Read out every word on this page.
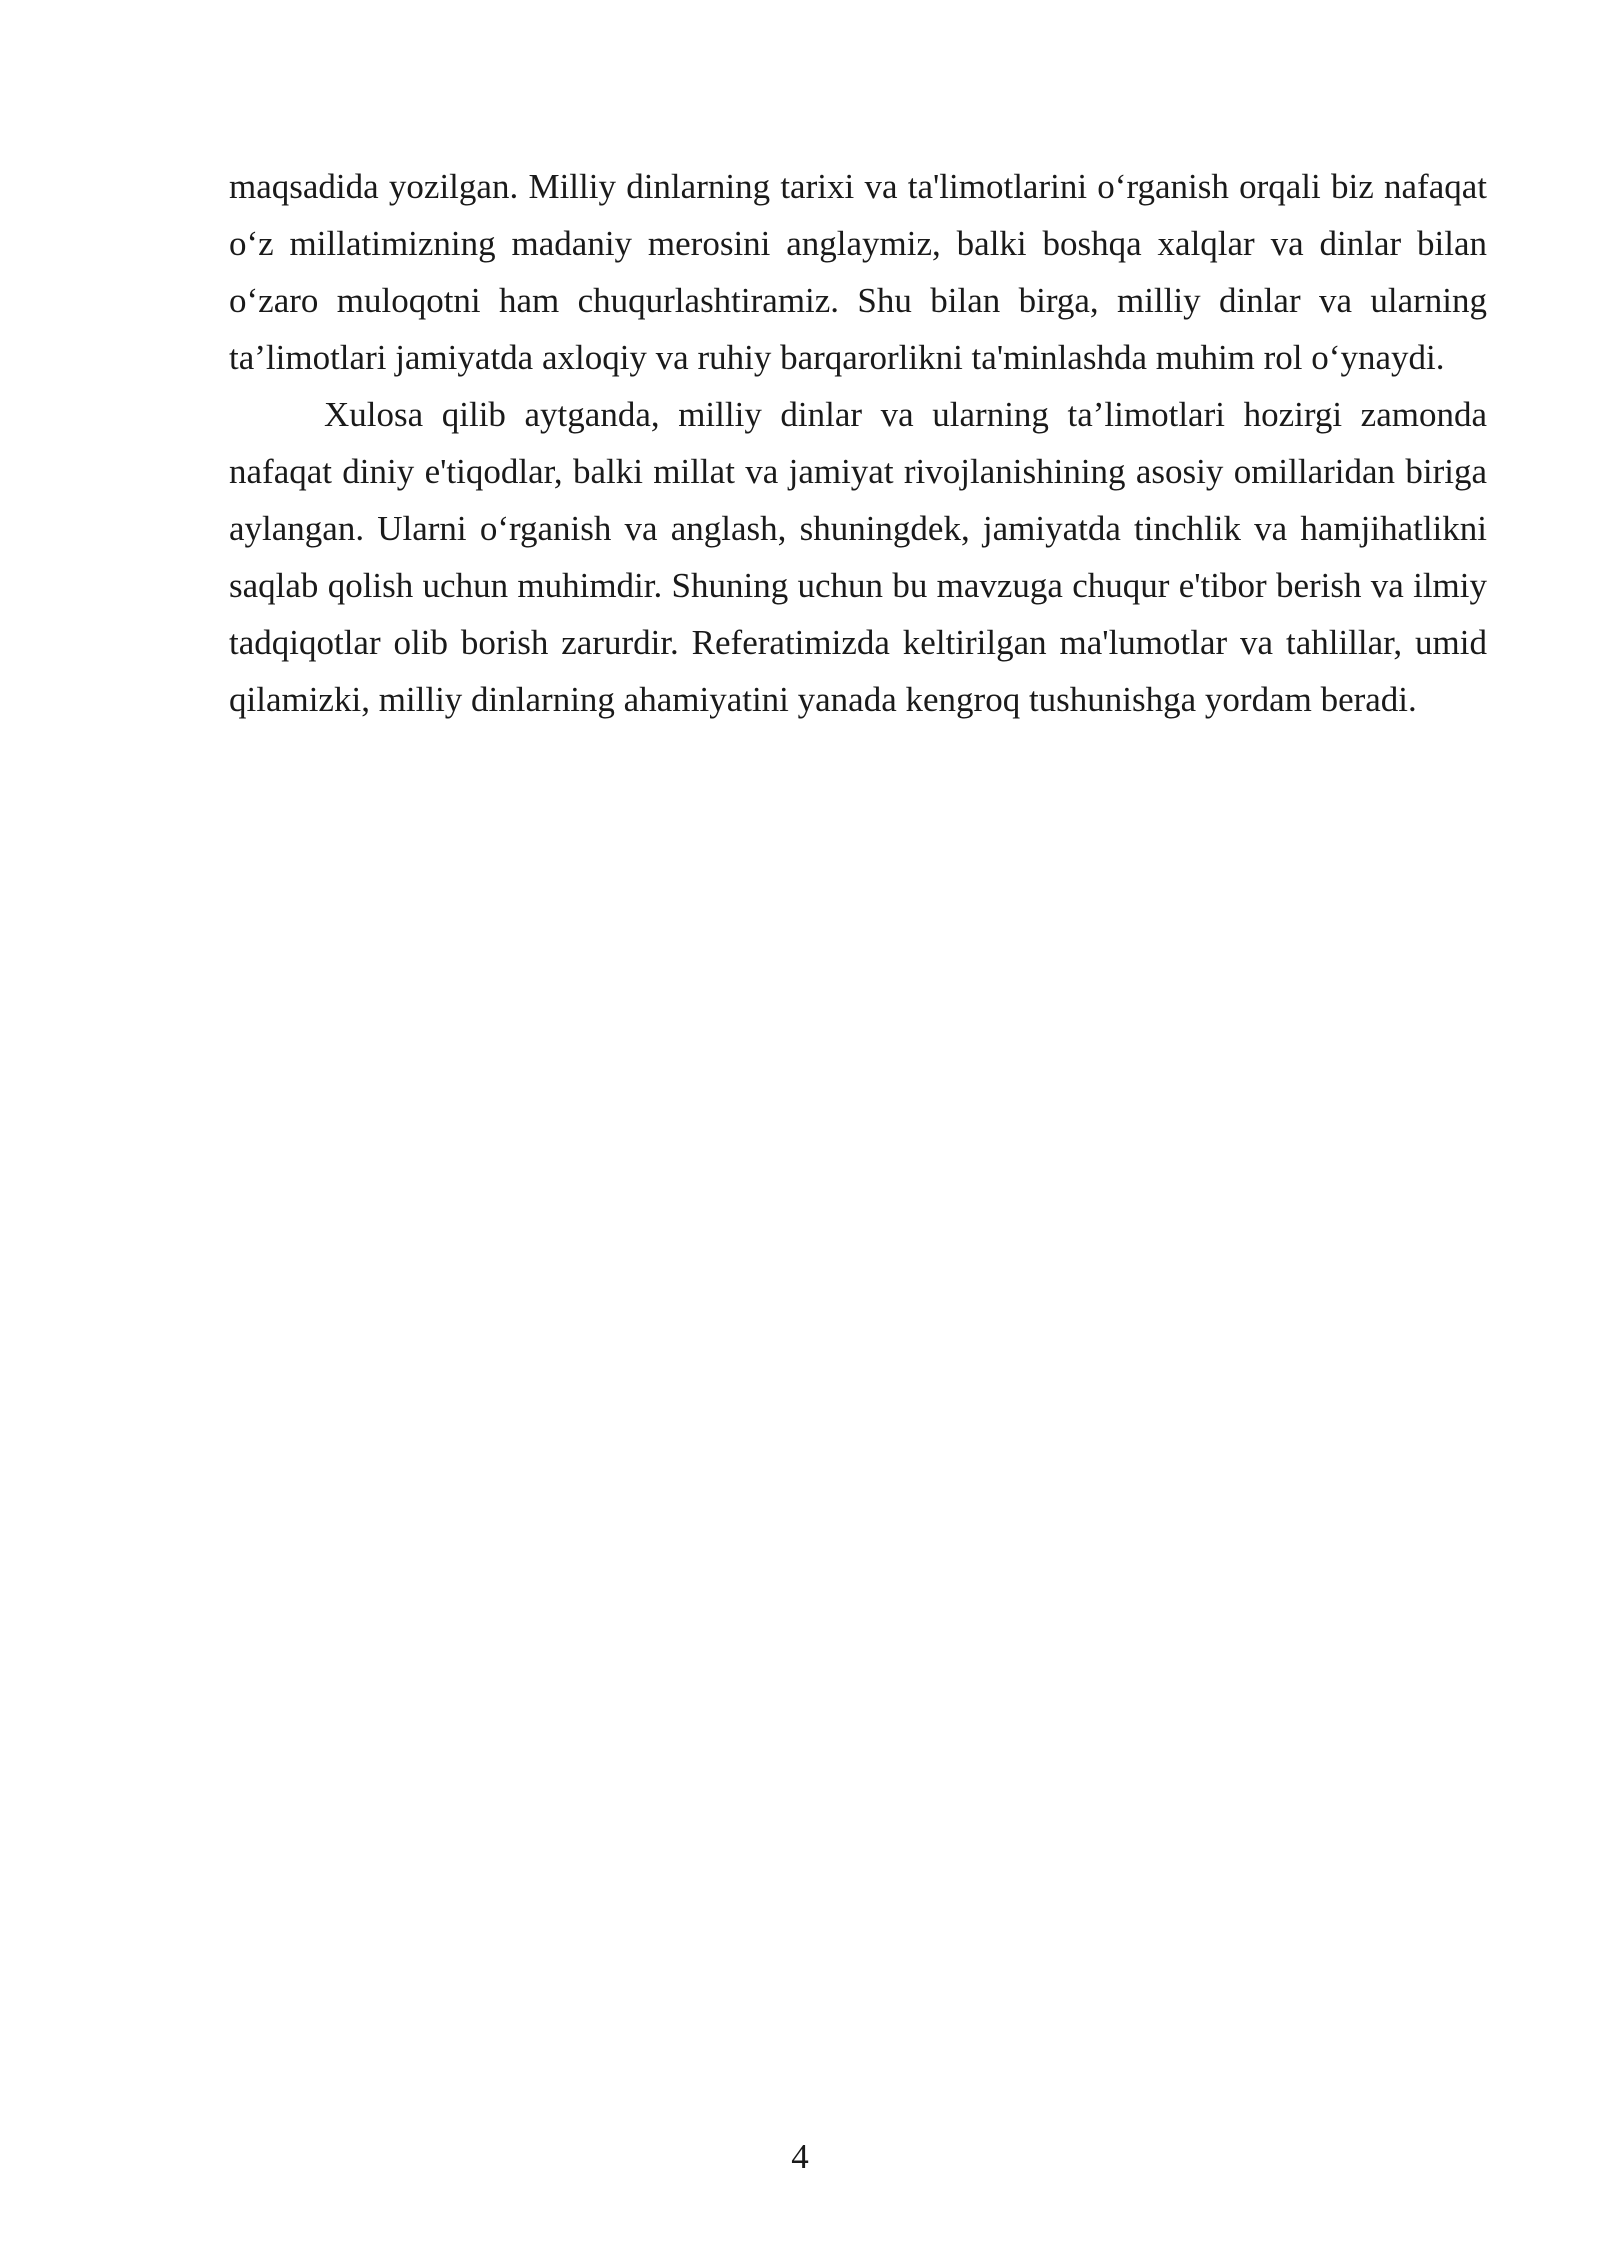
maqsadida yozilgan. Milliy dinlarning tarixi va ta'limotlarini o‘rganish orqali biz nafaqat o‘z millatimizning madaniy merosini anglaymiz, balki boshqa xalqlar va dinlar bilan o‘zaro muloqotni ham chuqurlashtiramiz. Shu bilan birga, milliy dinlar va ularning ta’limotlari jamiyatda axloqiy va ruhiy barqarorlikni ta'minlashda muhim rol o‘ynaydi.

Xulosa qilib aytganda, milliy dinlar va ularning ta’limotlari hozirgi zamonda nafaqat diniy e'tiqodlar, balki millat va jamiyat rivojlanishining asosiy omillaridan biriga aylangan. Ularni o‘rganish va anglash, shuningdek, jamiyatda tinchlik va hamjihatlikni saqlab qolish uchun muhimdir. Shuning uchun bu mavzuga chuqur e'tibor berish va ilmiy tadqiqotlar olib borish zarurdir. Referatimizda keltirilgan ma'lumotlar va tahlillar, umid qilamizki, milliy dinlarning ahamiyatini yanada kengroq tushunishga yordam beradi.

4
